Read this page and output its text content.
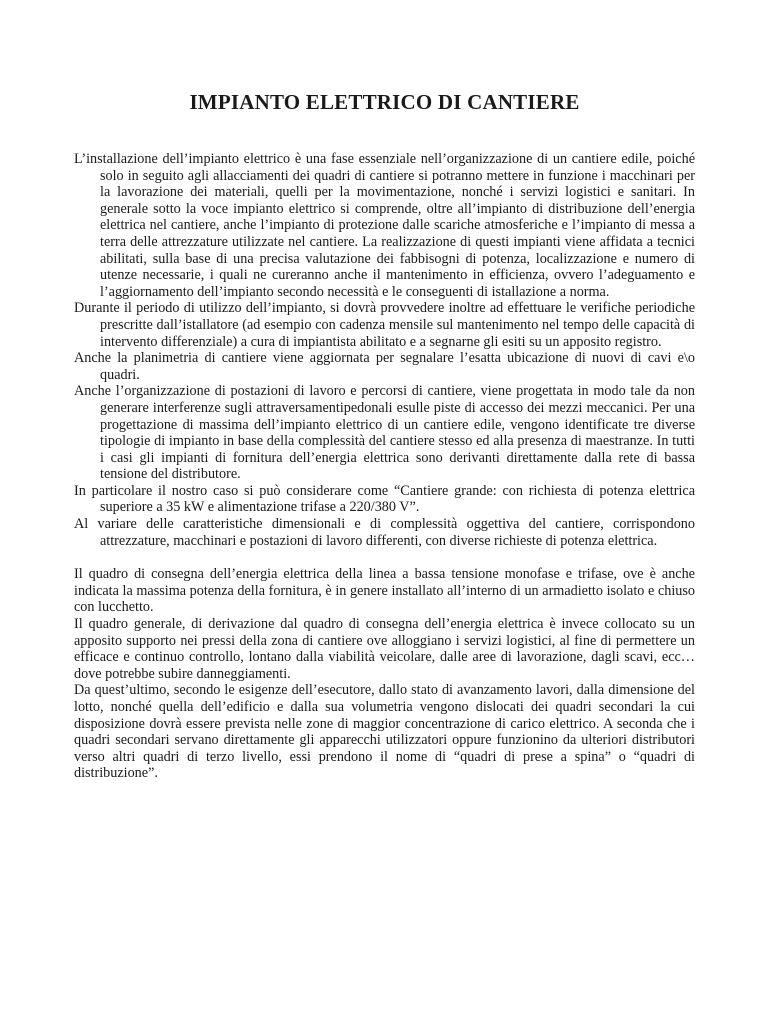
IMPIANTO ELETTRICO DI CANTIERE

L’installazione dell’impianto elettrico è una fase essenziale nell’organizzazione di un cantiere edile, poiché solo in seguito agli allacciamenti dei quadri di cantiere si potranno mettere in funzione i macchinari per la lavorazione dei materiali, quelli per la movimentazione, nonché i servizi logistici e sanitari. In generale sotto la voce impianto elettrico si comprende, oltre all’impianto di distribuzione dell’energia elettrica nel cantiere, anche l’impianto di protezione dalle scariche atmosferiche e l’impianto di messa a terra delle attrezzature utilizzate nel cantiere. La realizzazione di questi impianti viene affidata a tecnici abilitati, sulla base di una precisa valutazione dei fabbisogni di potenza, localizzazione e numero di utenze necessarie, i quali ne cureranno anche il mantenimento in efficienza, ovvero l’adeguamento e l’aggiornamento dell’impianto secondo necessità e le conseguenti di istallazione a norma.

Durante il periodo di utilizzo dell’impianto, si dovrà provvedere inoltre ad effettuare le verifiche periodiche prescritte dall’istallatore (ad esempio con cadenza mensile sul mantenimento nel tempo delle capacità di intervento differenziale) a cura di impiantista abilitato e a segnarne gli esiti su un apposito registro.

Anche la planimetria di cantiere viene aggiornata per segnalare l’esatta ubicazione di nuovi di cavi e\o quadri.

Anche l’organizzazione di postazioni di lavoro e percorsi di cantiere, viene progettata in modo tale da non generare interferenze sugli attraversamentipedonali esulle piste di accesso dei mezzi meccanici. Per una progettazione di massima dell’impianto elettrico di un cantiere edile, vengono identificate tre diverse tipologie di impianto in base della complessità del cantiere stesso ed alla presenza di maestranze. In tutti i casi gli impianti di fornitura dell’energia elettrica sono derivanti direttamente dalla rete di bassa tensione del distributore.

In particolare il nostro caso si può considerare come “Cantiere grande: con richiesta di potenza elettrica superiore a 35 kW e alimentazione trifase a 220/380 V”.

Al variare delle caratteristiche dimensionali e di complessità oggettiva del cantiere, corrispondono attrezzature, macchinari e postazioni di lavoro differenti, con diverse richieste di potenza elettrica.

Il quadro di consegna dell’energia elettrica della linea a bassa tensione monofase e trifase, ove è anche indicata la massima potenza della fornitura, è in genere installato all’interno di un armadietto isolato e chiuso con lucchetto.

Il quadro generale, di derivazione dal quadro di consegna dell’energia elettrica è invece collocato su un apposito supporto nei pressi della zona di cantiere ove alloggiano i servizi logistici, al fine di permettere un efficace e continuo controllo, lontano dalla viabilità veicolare, dalle aree di lavorazione, dagli scavi, ecc…dove potrebbe subire danneggiamenti.

Da quest’ultimo, secondo le esigenze dell’esecutore, dallo stato di avanzamento lavori, dalla dimensione del lotto, nonché quella dell’edificio e dalla sua volumetria vengono dislocati dei quadri secondari la cui disposizione dovrà essere prevista nelle zone di maggior concentrazione di carico elettrico. A seconda che i quadri secondari servano direttamente gli apparecchi utilizzatori oppure funzionino da ulteriori distributori verso altri quadri di terzo livello, essi prendono il nome di “quadri di prese a spina” o “quadri di distribuzione”.
